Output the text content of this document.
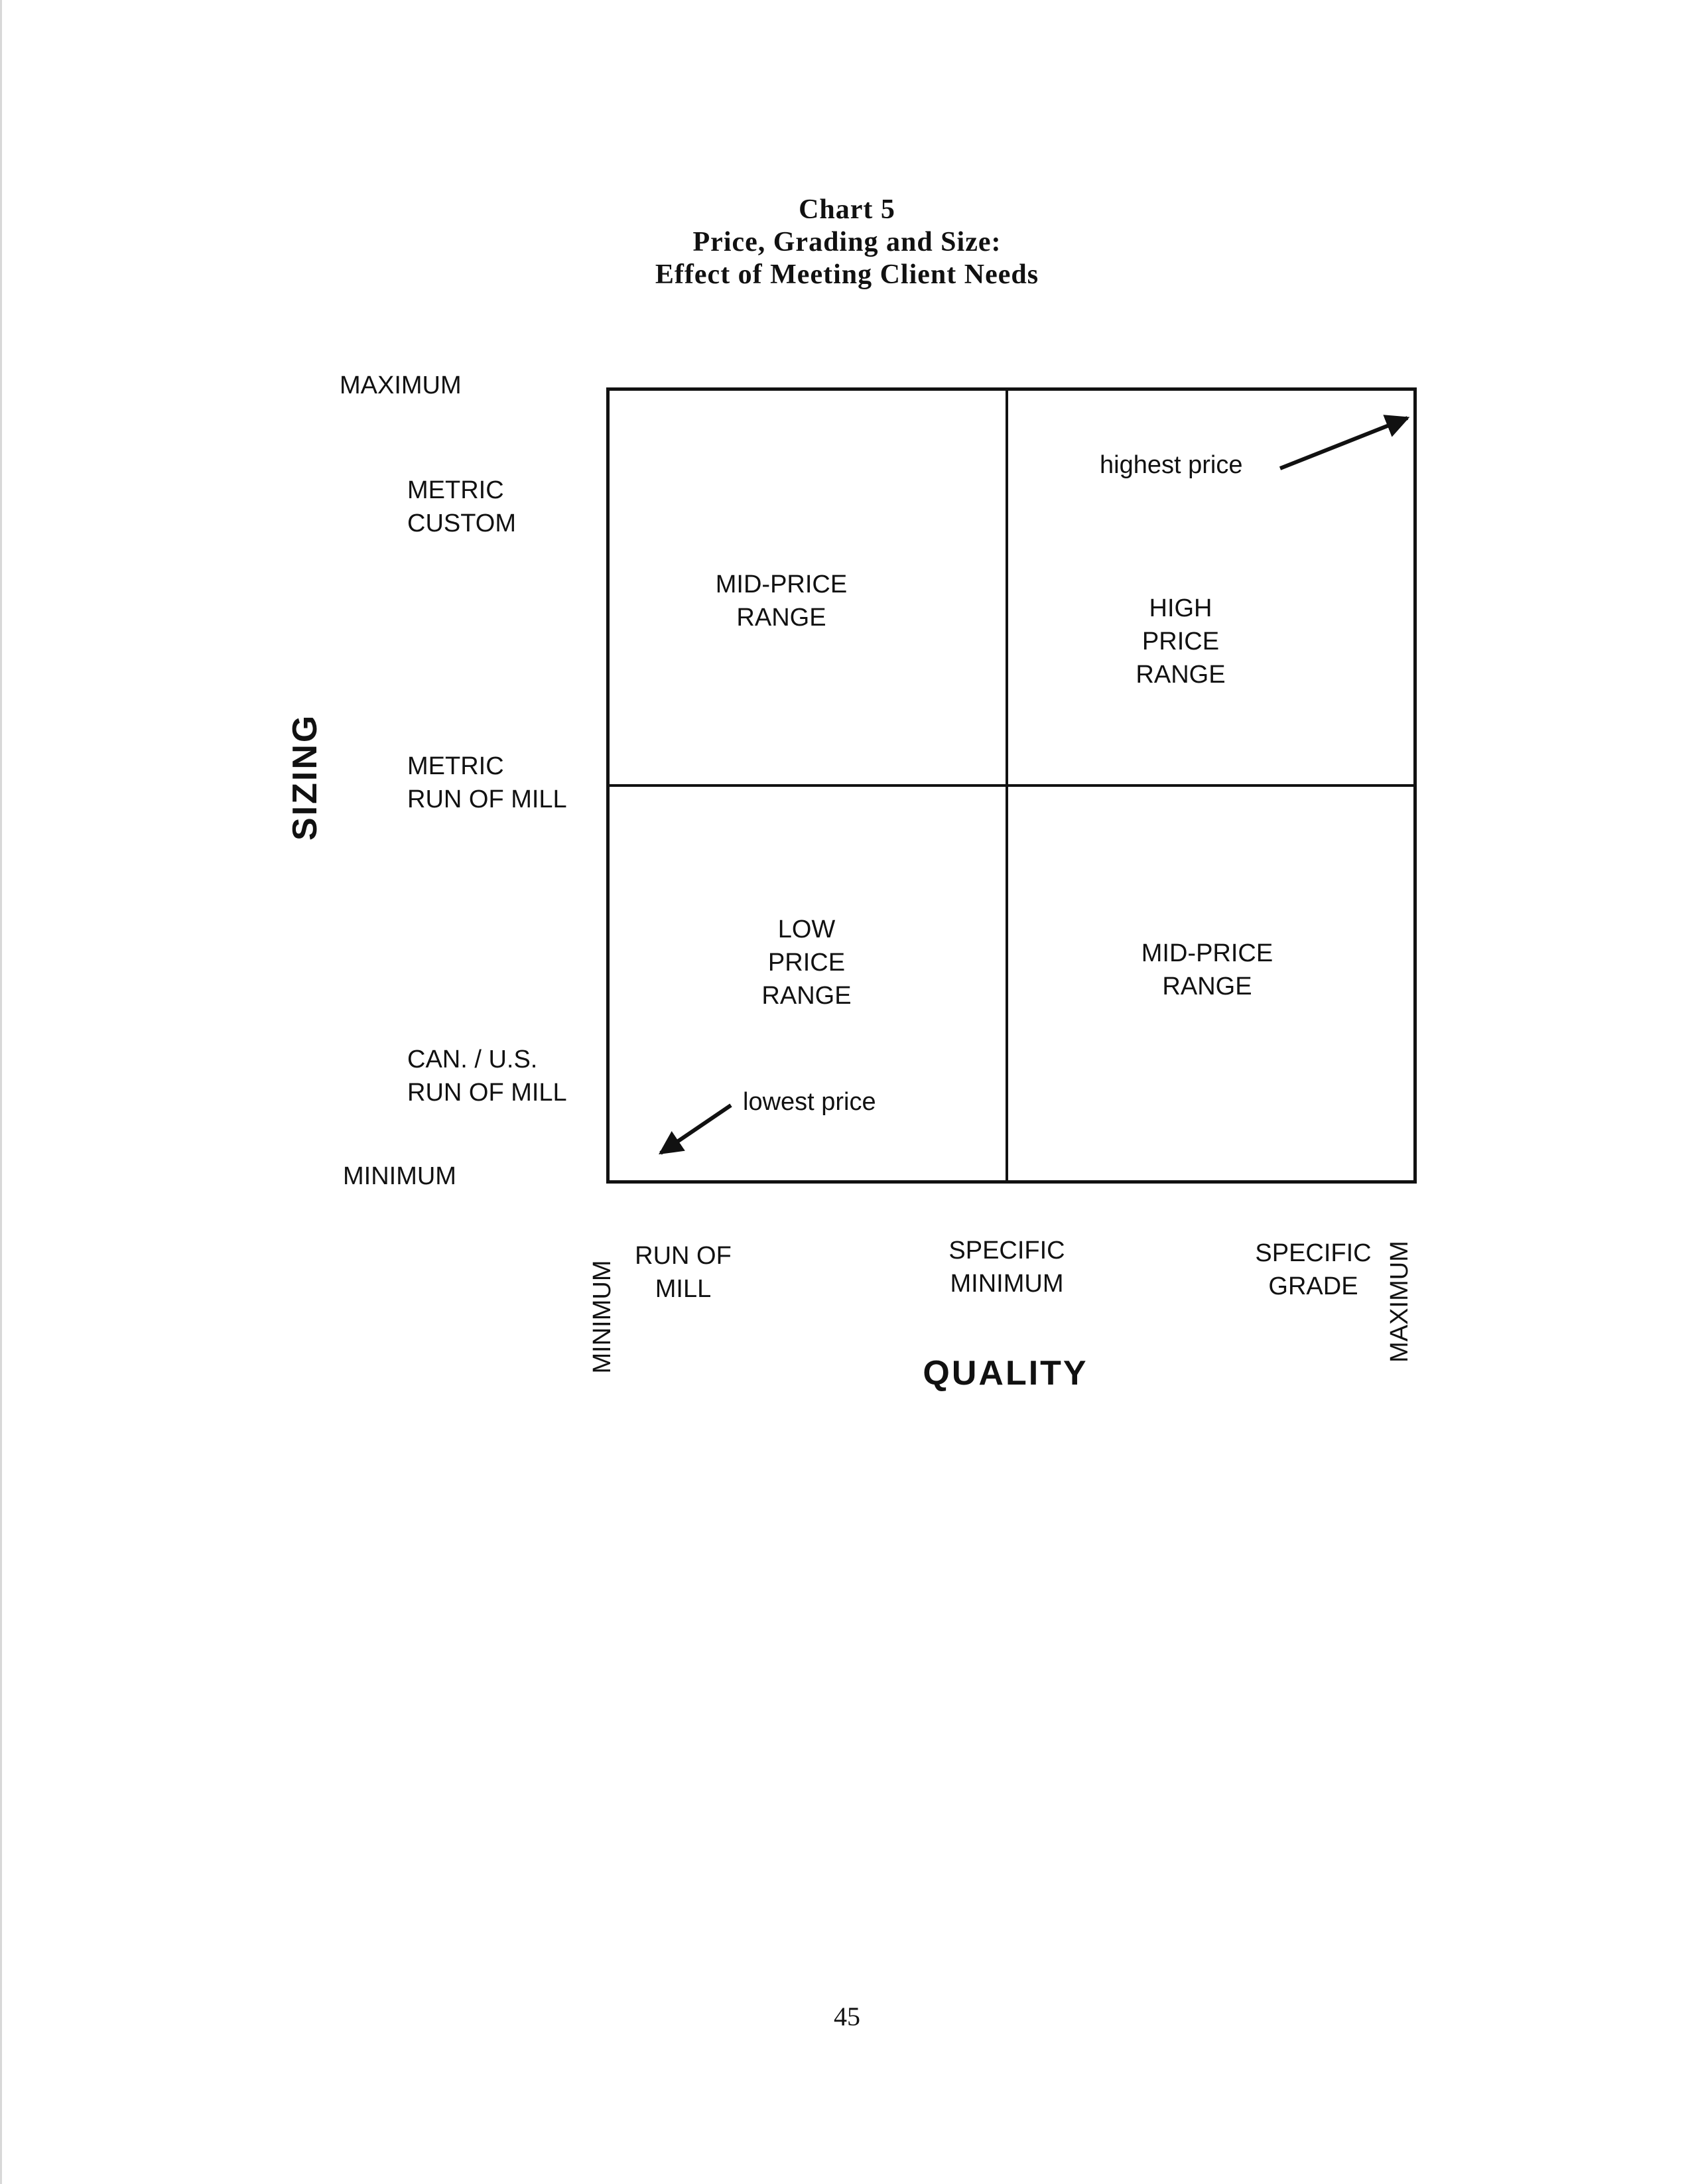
Chart 5
Price, Grading and Size:
Effect of Meeting Client Needs
MAXIMUM
METRIC
CUSTOM
METRIC
RUN OF MILL
CAN. / U.S.
RUN OF MILL
MINIMUM
SIZING
MID-PRICE
RANGE	HIGH
PRICE
RANGE
LOW
PRICE
RANGE
MID-PRICE
RANGE
highest price
lowest price
MINIMUM
RUN OF
MILL
SPECIFIC
MINIMUM
SPECIFIC
GRADE	MAXIMUM
QUALITY
45
